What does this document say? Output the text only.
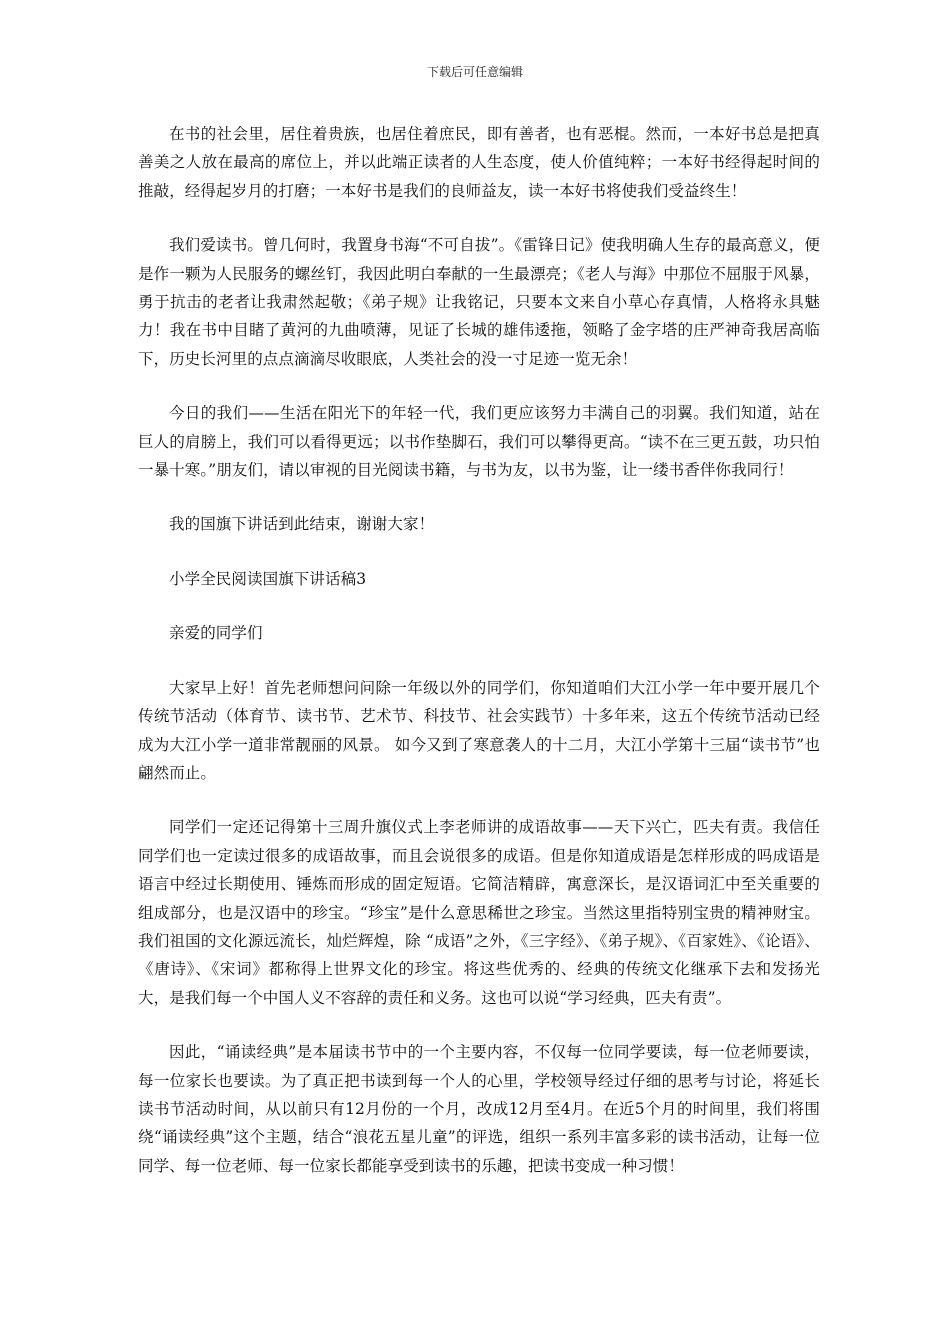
下载后可任意编辑

在书的社会里，居住着贵族，也居住着庶民，即有善者，也有恶棍。然而，一本好书总是把真善美之人放在最高的席位上，并以此端正读者的人生态度，使人价值纯粹；一本好书经得起时间的推敲，经得起岁月的打磨；一本好书是我们的良师益友，读一本好书将使我们受益终生！

我们爱读书。曾几何时，我置身书海“不可自拔”。《雷锋日记》使我明确人生存的最高意义，便是作一颗为人民服务的螺丝钉，我因此明白奉献的一生最漂亮；《老人与海》中那位不屈服于风暴，勇于抗击的老者让我肃然起敬；《弟子规》让我铭记，只要本文来自小草心存真情，人格将永具魅力！我在书中目睹了黄河的九曲喷薄，见证了长城的雄伟逶拖，领略了金字塔的庄严神奇我居高临下，历史长河里的点点滴滴尽收眼底，人类社会的没一寸足迹一览无余！

今日的我们——生活在阳光下的年轻一代，我们更应该努力丰满自己的羽翼。我们知道，站在巨人的肩膀上，我们可以看得更远；以书作垫脚石，我们可以攀得更高。“读不在三更五鼓，功只怕一暴十寒。”朋友们，请以审视的目光阅读书籍，与书为友，以书为鉴，让一缕书香伴你我同行！

我的国旗下讲话到此结束，谢谢大家！

小学全民阅读国旗下讲话稿3

亲爱的同学们

大家早上好！首先老师想问问除一年级以外的同学们，你知道咱们大江小学一年中要开展几个传统节活动（体育节、读书节、艺术节、科技节、社会实践节）十多年来，这五个传统节活动已经成为大江小学一道非常靓丽的风景。 如今又到了寒意袭人的十二月，大江小学第十三届“读书节”也翩然而止。

同学们一定还记得第十三周升旗仪式上李老师讲的成语故事——天下兴亡，匹夫有责。我信任同学们也一定读过很多的成语故事，而且会说很多的成语。但是你知道成语是怎样形成的吗成语是语言中经过长期使用、锤炼而形成的固定短语。它简洁精辟，寓意深长，是汉语词汇中至关重要的组成部分，也是汉语中的珍宝。“珍宝”是什么意思稀世之珍宝。当然这里指特别宝贵的精神财宝。我们祖国的文化源远流长，灿烂辉煌，除 “成语”之外，《三字经》、《弟子规》、《百家姓》、《论语》、《唐诗》、《宋词》都称得上世界文化的珍宝。将这些优秀的、经典的传统文化继承下去和发扬光大，是我们每一个中国人义不容辞的责任和义务。这也可以说“学习经典，匹夫有责”。

因此，“诵读经典”是本届读书节中的一个主要内容，不仅每一位同学要读，每一位老师要读，每一位家长也要读。为了真正把书读到每一个人的心里，学校领导经过仔细的思考与讨论，将延长读书节活动时间，从以前只有12月份的一个月，改成12月至4月。在近5个月的时间里，我们将围绕“诵读经典”这个主题，结合“浪花五星儿童”的评选，组织一系列丰富多彩的读书活动，让每一位同学、每一位老师、每一位家长都能享受到读书的乐趣，把读书变成一种习惯！
